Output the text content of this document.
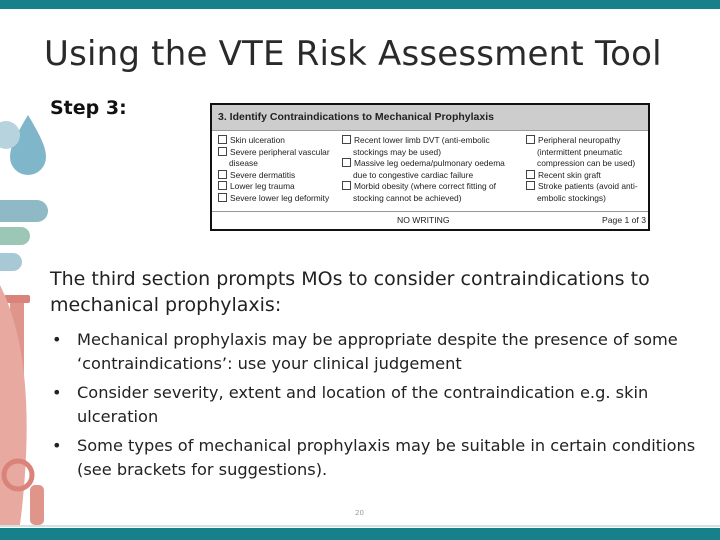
Using the VTE Risk Assessment Tool
Step 3:	3. Identify Contraindications to Mechanical Prophylaxis
Skin ulceration
Severe peripheral vascular
disease
Severe dermatitis
Lower leg trauma
Severe lower leg deformity
Recent lower limb DVT (anti-embolic
stockings may be used)
Massive leg oedema/pulmonary oedema
due to congestive cardiac failure
Morbid obesity (where correct fitting of
stocking cannot be achieved)
Peripheral neuropathy
(intermittent pneumatic
compression can be used)
Recent skin graft
Stroke patients (avoid anti-
embolic stockings)
NO WRITING	Page 1 of 3
The third section prompts MOs to consider contraindications to mechanical prophylaxis:
• Mechanical prophylaxis may be appropriate despite the presence of some ‘contraindications’: use your clinical judgement
• Consider severity, extent and location of the contraindication e.g. skin ulceration
• Some types of mechanical prophylaxis may be suitable in certain conditions (see brackets for suggestions).
20
